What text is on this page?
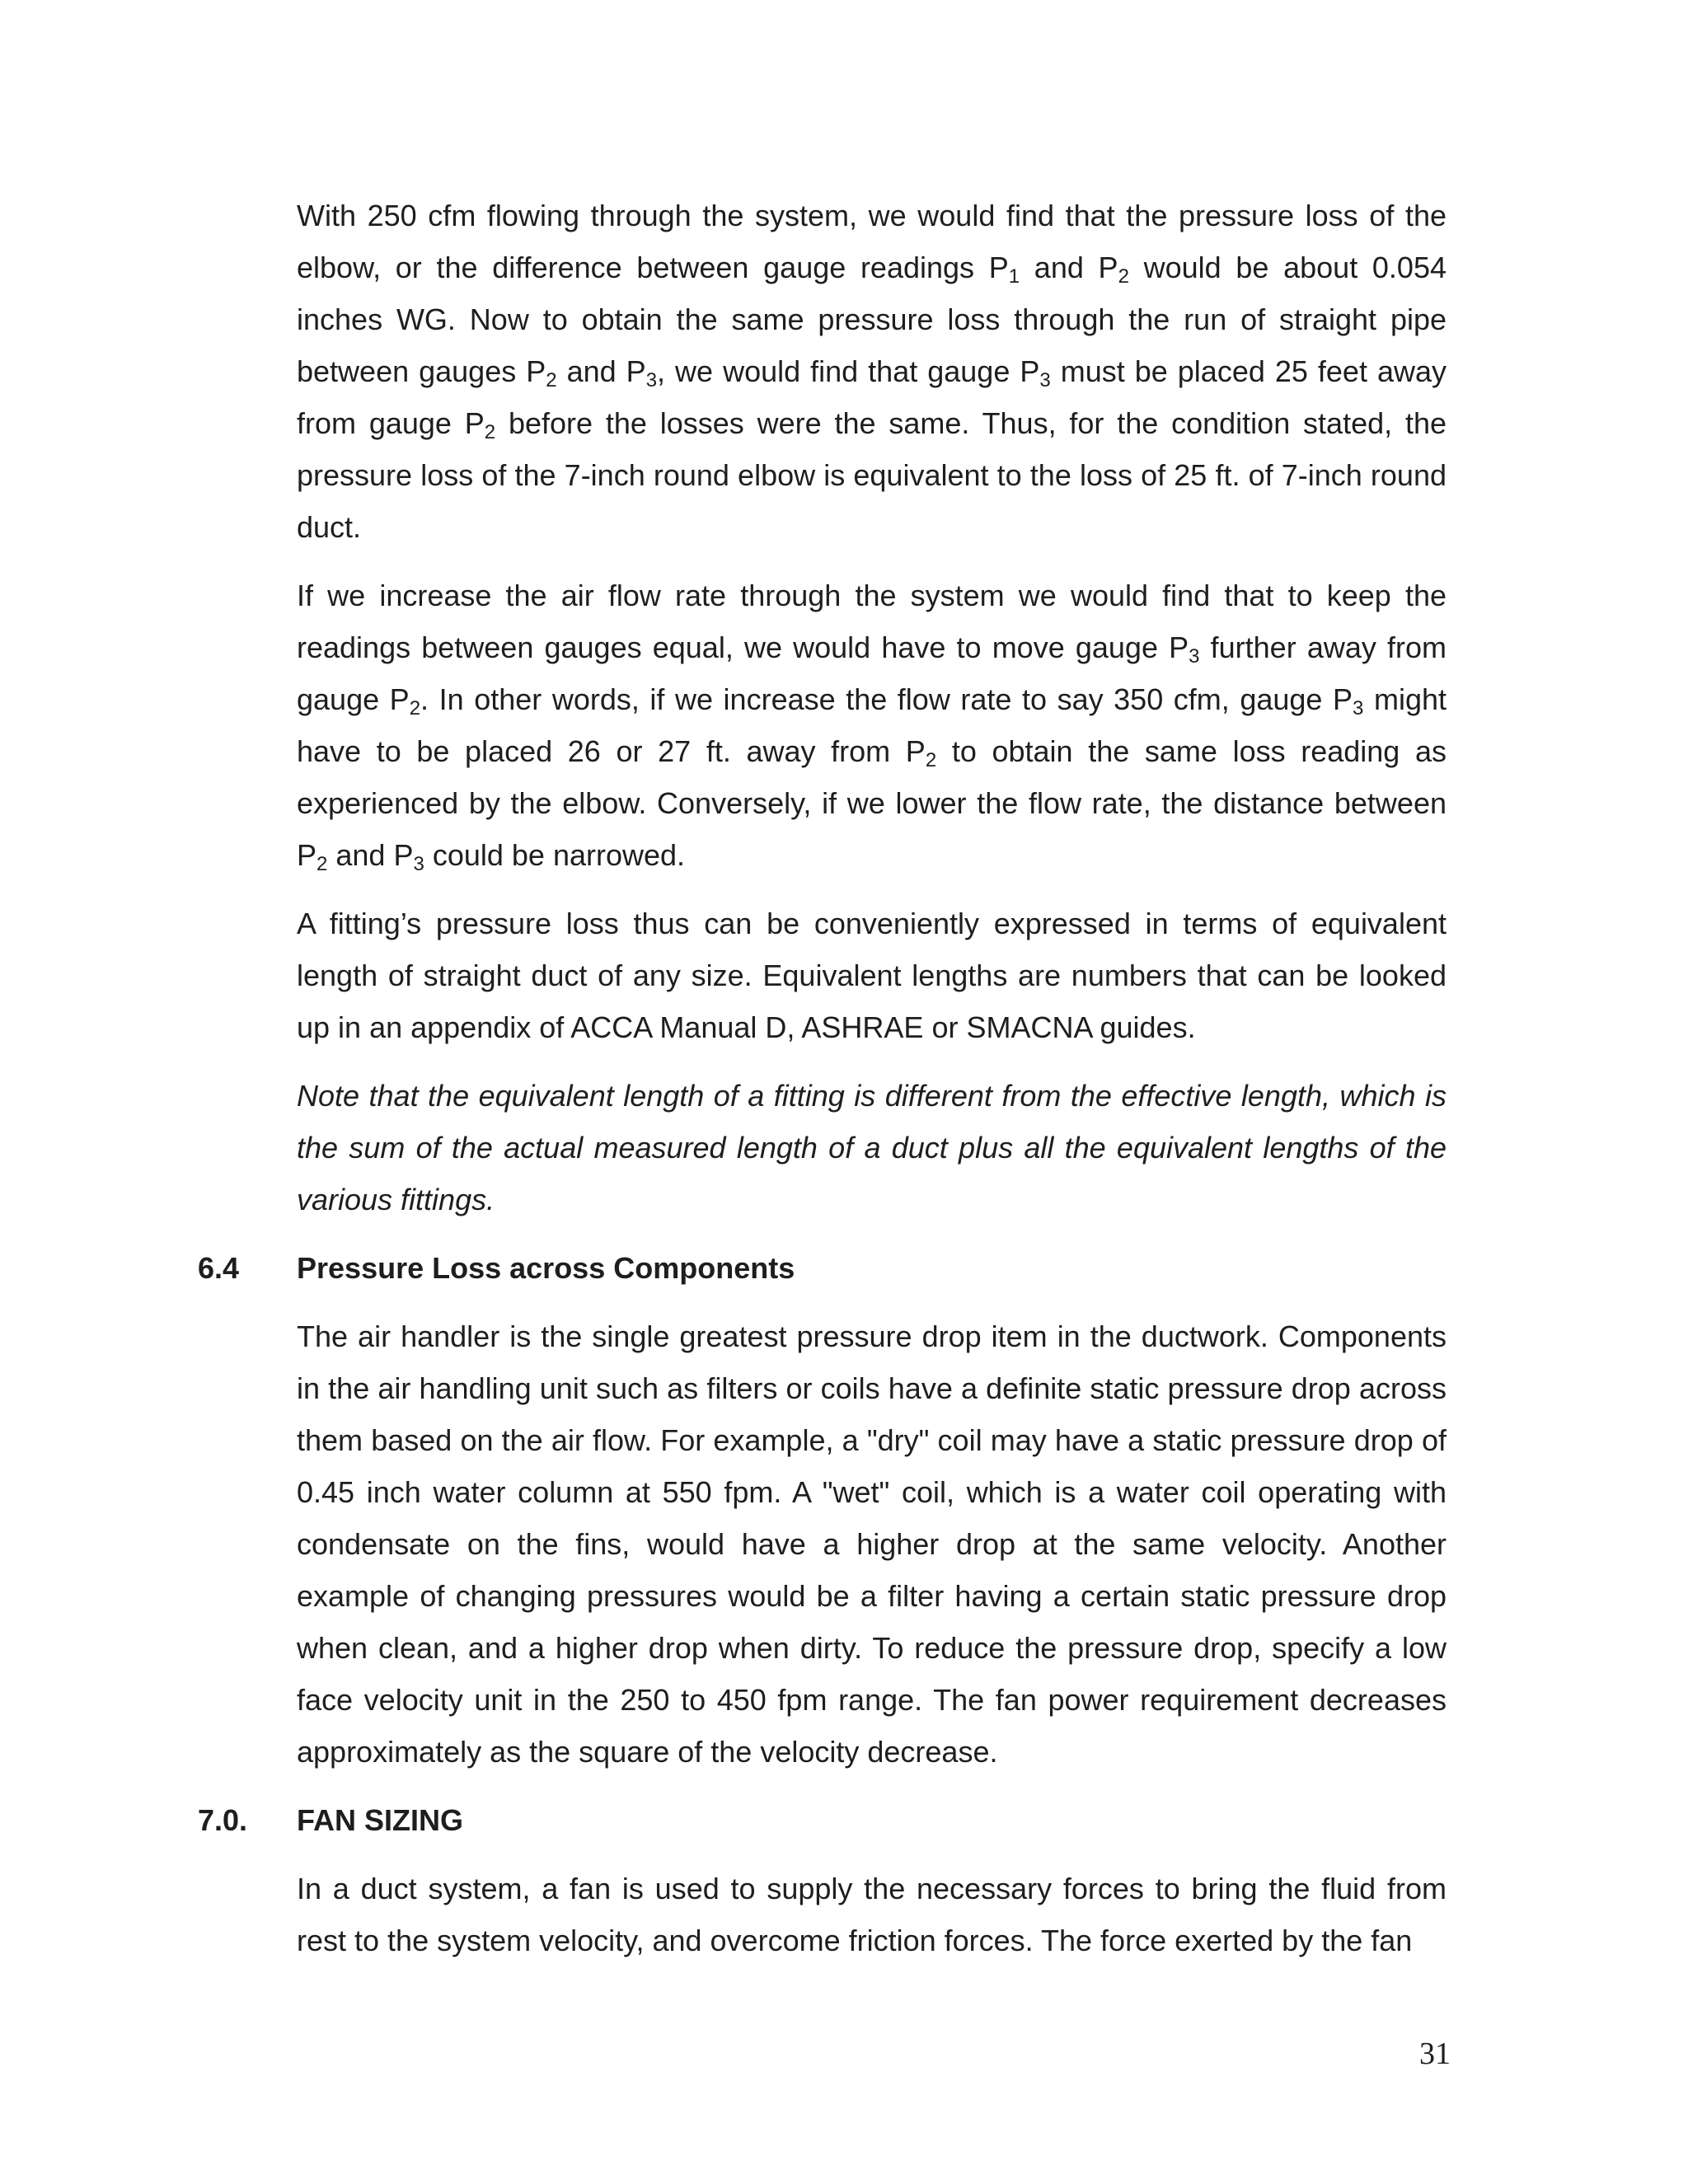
With 250 cfm flowing through the system, we would find that the pressure loss of the elbow, or the difference between gauge readings $P_1$ and $P_2$ would be about 0.054 inches WG. Now to obtain the same pressure loss through the run of straight pipe between gauges $P_2$ and $P_3$, we would find that gauge $P_3$ must be placed 25 feet away from gauge $P_2$ before the losses were the same. Thus, for the condition stated, the pressure loss of the 7-inch round elbow is equivalent to the loss of 25 ft. of 7-inch round duct.

If we increase the air flow rate through the system we would find that to keep the readings between gauges equal, we would have to move gauge $P_3$ further away from gauge $P_2$. In other words, if we increase the flow rate to say 350 cfm, gauge $P_3$ might have to be placed 26 or 27 ft. away from $P_2$ to obtain the same loss reading as experienced by the elbow. Conversely, if we lower the flow rate, the distance between $P_2$ and $P_3$ could be narrowed.

A fitting’s pressure loss thus can be conveniently expressed in terms of equivalent length of straight duct of any size. Equivalent lengths are numbers that can be looked up in an appendix of ACCA Manual D, ASHRAE or SMACNA guides.

Note that the equivalent length of a fitting is different from the effective length, which is the sum of the actual measured length of a duct plus all the equivalent lengths of the various fittings.

6.4 Pressure Loss across Components

The air handler is the single greatest pressure drop item in the ductwork. Components in the air handling unit such as filters or coils have a definite static pressure drop across them based on the air flow. For example, a "dry" coil may have a static pressure drop of 0.45 inch water column at 550 fpm. A "wet" coil, which is a water coil operating with condensate on the fins, would have a higher drop at the same velocity. Another example of changing pressures would be a filter having a certain static pressure drop when clean, and a higher drop when dirty. To reduce the pressure drop, specify a low face velocity unit in the 250 to 450 fpm range. The fan power requirement decreases approximately as the square of the velocity decrease.

7.0. FAN SIZING

In a duct system, a fan is used to supply the necessary forces to bring the fluid from rest to the system velocity, and overcome friction forces. The force exerted by the fan

31
